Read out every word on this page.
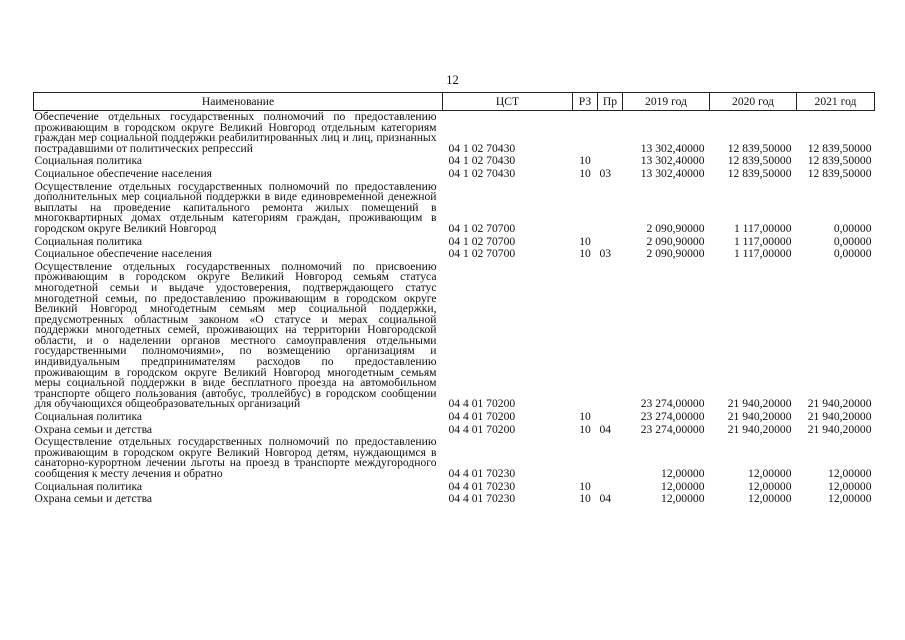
12
Наименование	ЦСТ	РЗ	Пр	2019 год	2020 год	2021 год
Обеспечение отдельных государственных полномочий по предоставлению проживающим в городском округе Великий Новгород отдельным категориям граждан мер социальной поддержки реабилитированных лиц и лиц, признанных пострадавшими от политических репрессий	04 1 02 70430			13 302,40000	12 839,50000	12 839,50000
Социальная политика	04 1 02 70430	10		13 302,40000	12 839,50000	12 839,50000
Социальное обеспечение населения	04 1 02 70430	10	03	13 302,40000	12 839,50000	12 839,50000
Осуществление отдельных государственных полномочий по предоставлению дополнительных мер социальной поддержки в виде единовременной денежной выплаты на проведение капитального ремонта жилых помещений в многоквартирных домах отдельным категориям граждан, проживающим в городском округе Великий Новгород	04 1 02 70700			2 090,90000	1 117,00000	0,00000
Социальная политика	04 1 02 70700	10		2 090,90000	1 117,00000	0,00000
Социальное обеспечение населения	04 1 02 70700	10	03	2 090,90000	1 117,00000	0,00000
Осуществление отдельных государственных полномочий по присвоению проживающим в городском округе Великий Новгород семьям статуса многодетной семьи и выдаче удостоверения, подтверждающего статус многодетной семьи, по предоставлению проживающим в городском округе Великий Новгород многодетным семьям мер социальной поддержки, предусмотренных областным законом «О статусе и мерах социальной поддержки многодетных семей, проживающих на территории Новгородской области, и о наделении органов местного самоуправления отдельными государственными полномочиями», по возмещению организациям и индивидуальным предпринимателям расходов по предоставлению проживающим в городском округе Великий Новгород многодетным семьям меры социальной поддержки в виде бесплатного проезда на автомобильном транспорте общего пользования (автобус, троллейбус) в городском сообщении для обучающихся общеобразовательных организаций	04 4 01 70200			23 274,00000	21 940,20000	21 940,20000
Социальная политика	04 4 01 70200	10		23 274,00000	21 940,20000	21 940,20000
Охрана семьи и детства	04 4 01 70200	10	04	23 274,00000	21 940,20000	21 940,20000
Осуществление отдельных государственных полномочий по предоставлению проживающим в городском округе Великий Новгород детям, нуждающимся в санаторно-курортном лечении льготы на проезд в транспорте междугородного сообщения к месту лечения и обратно	04 4 01 70230			12,00000	12,00000	12,00000
Социальная политика	04 4 01 70230	10		12,00000	12,00000	12,00000
Охрана семьи и детства	04 4 01 70230	10	04	12,00000	12,00000	12,00000
